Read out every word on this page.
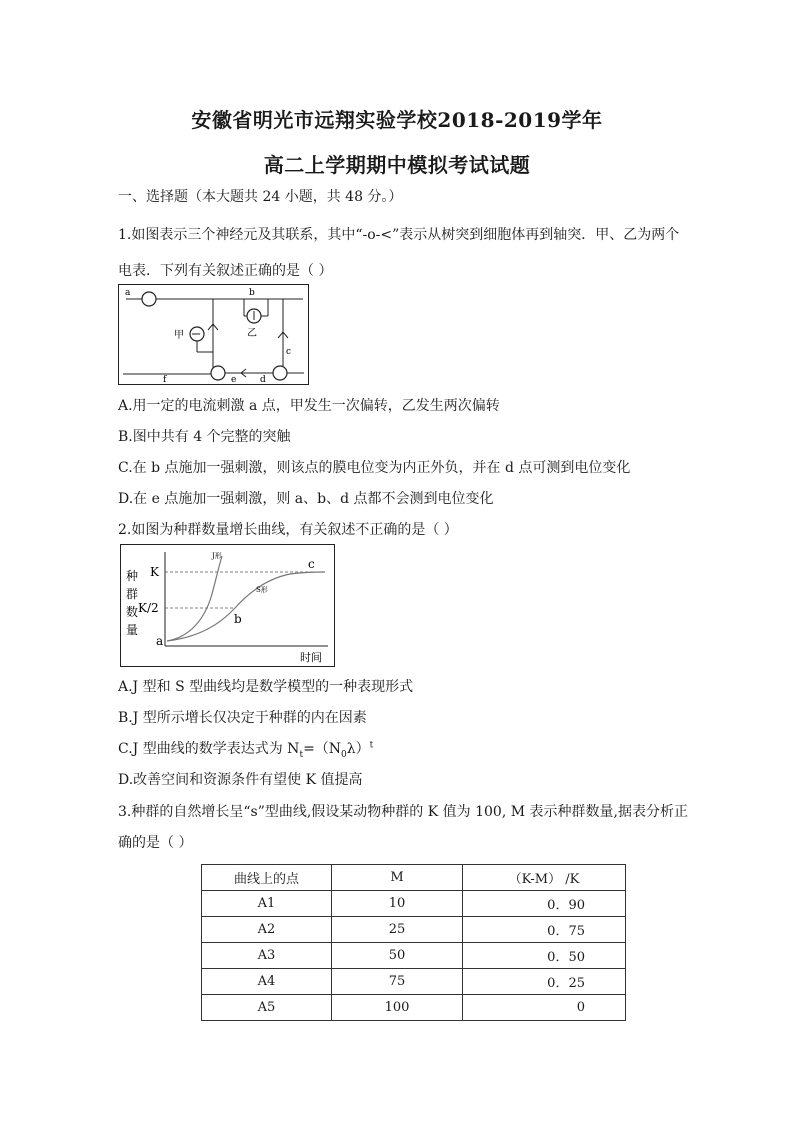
安徽省明光市远翔实验学校2018-2019学年
高二上学期期中模拟考试试题
一、选择题（本大题共 24 小题，共 48 分。）
1.如图表示三个神经元及其联系，其中“-o-<”表示从树突到细胞体再到轴突．甲、乙为两个
电表．下列有关叙述正确的是（ ）
a	b
c
d
e
f
甲	乙
A.用一定的电流刺激 a 点，甲发生一次偏转，乙发生两次偏转
B.图中共有 4 个完整的突触
C.在 b 点施加一强刺激，则该点的膜电位变为内正外负，并在 d 点可测到电位变化
D.在 e 点施加一强刺激，则 a、b、d 点都不会测到电位变化
2.如图为种群数量增长曲线，有关叙述不正确的是（ ）
种
群
数
量
K
K/2
a
b
c
J形
S形
时间
A.J 型和 S 型曲线均是数学模型的一种表现形式
B.J 型所示增长仅决定于种群的内在因素
C.J 型曲线的数学表达式为 $N_t=(N_0\lambda)^t$
D.改善空间和资源条件有望使 K 值提高
3.种群的自然增长呈“s”型曲线,假设某动物种群的 K 值为 100, M 表示种群数量,据表分析正
确的是（ ）
曲线上的点	M	（K-M） /K
A1	10	0．90
A2	25	0．75
A3	50	0．50
A4	75	0．25
A5	100	0
